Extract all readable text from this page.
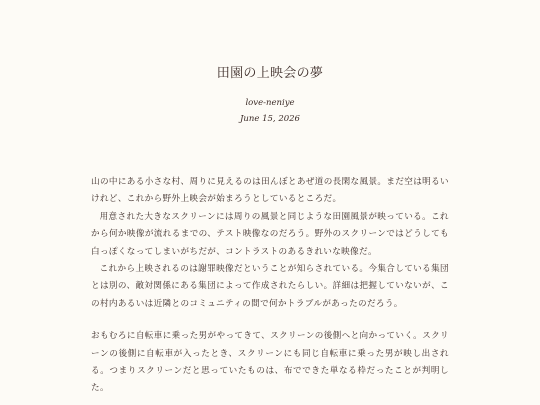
田園の上映会の夢
love-neniye
June 15, 2026

山の中にある小さな村、周りに見えるのは田んぼとあぜ道の長閑な風景。まだ空は明るいけれど、これから野外上映会が始まろうとしているところだ。

用意された大きなスクリーンには周りの風景と同じような田園風景が映っている。これから何か映像が流れるまでの、テスト映像なのだろう。野外のスクリーンではどうしても白っぽくなってしまいがちだが、コントラストのあるきれいな映像だ。

これから上映されるのは謝罪映像だということが知らされている。今集合している集団とは別の、敵対関係にある集団によって作成されたらしい。詳細は把握していないが、この村内あるいは近隣とのコミュニティの間で何かトラブルがあったのだろう。

おもむろに自転車に乗った男がやってきて、スクリーンの後側へと向かっていく。スクリーンの後側に自転車が入ったとき、スクリーンにも同じ自転車に乗った男が映し出される。つまりスクリーンだと思っていたものは、布でできた単なる枠だったことが判明した。
